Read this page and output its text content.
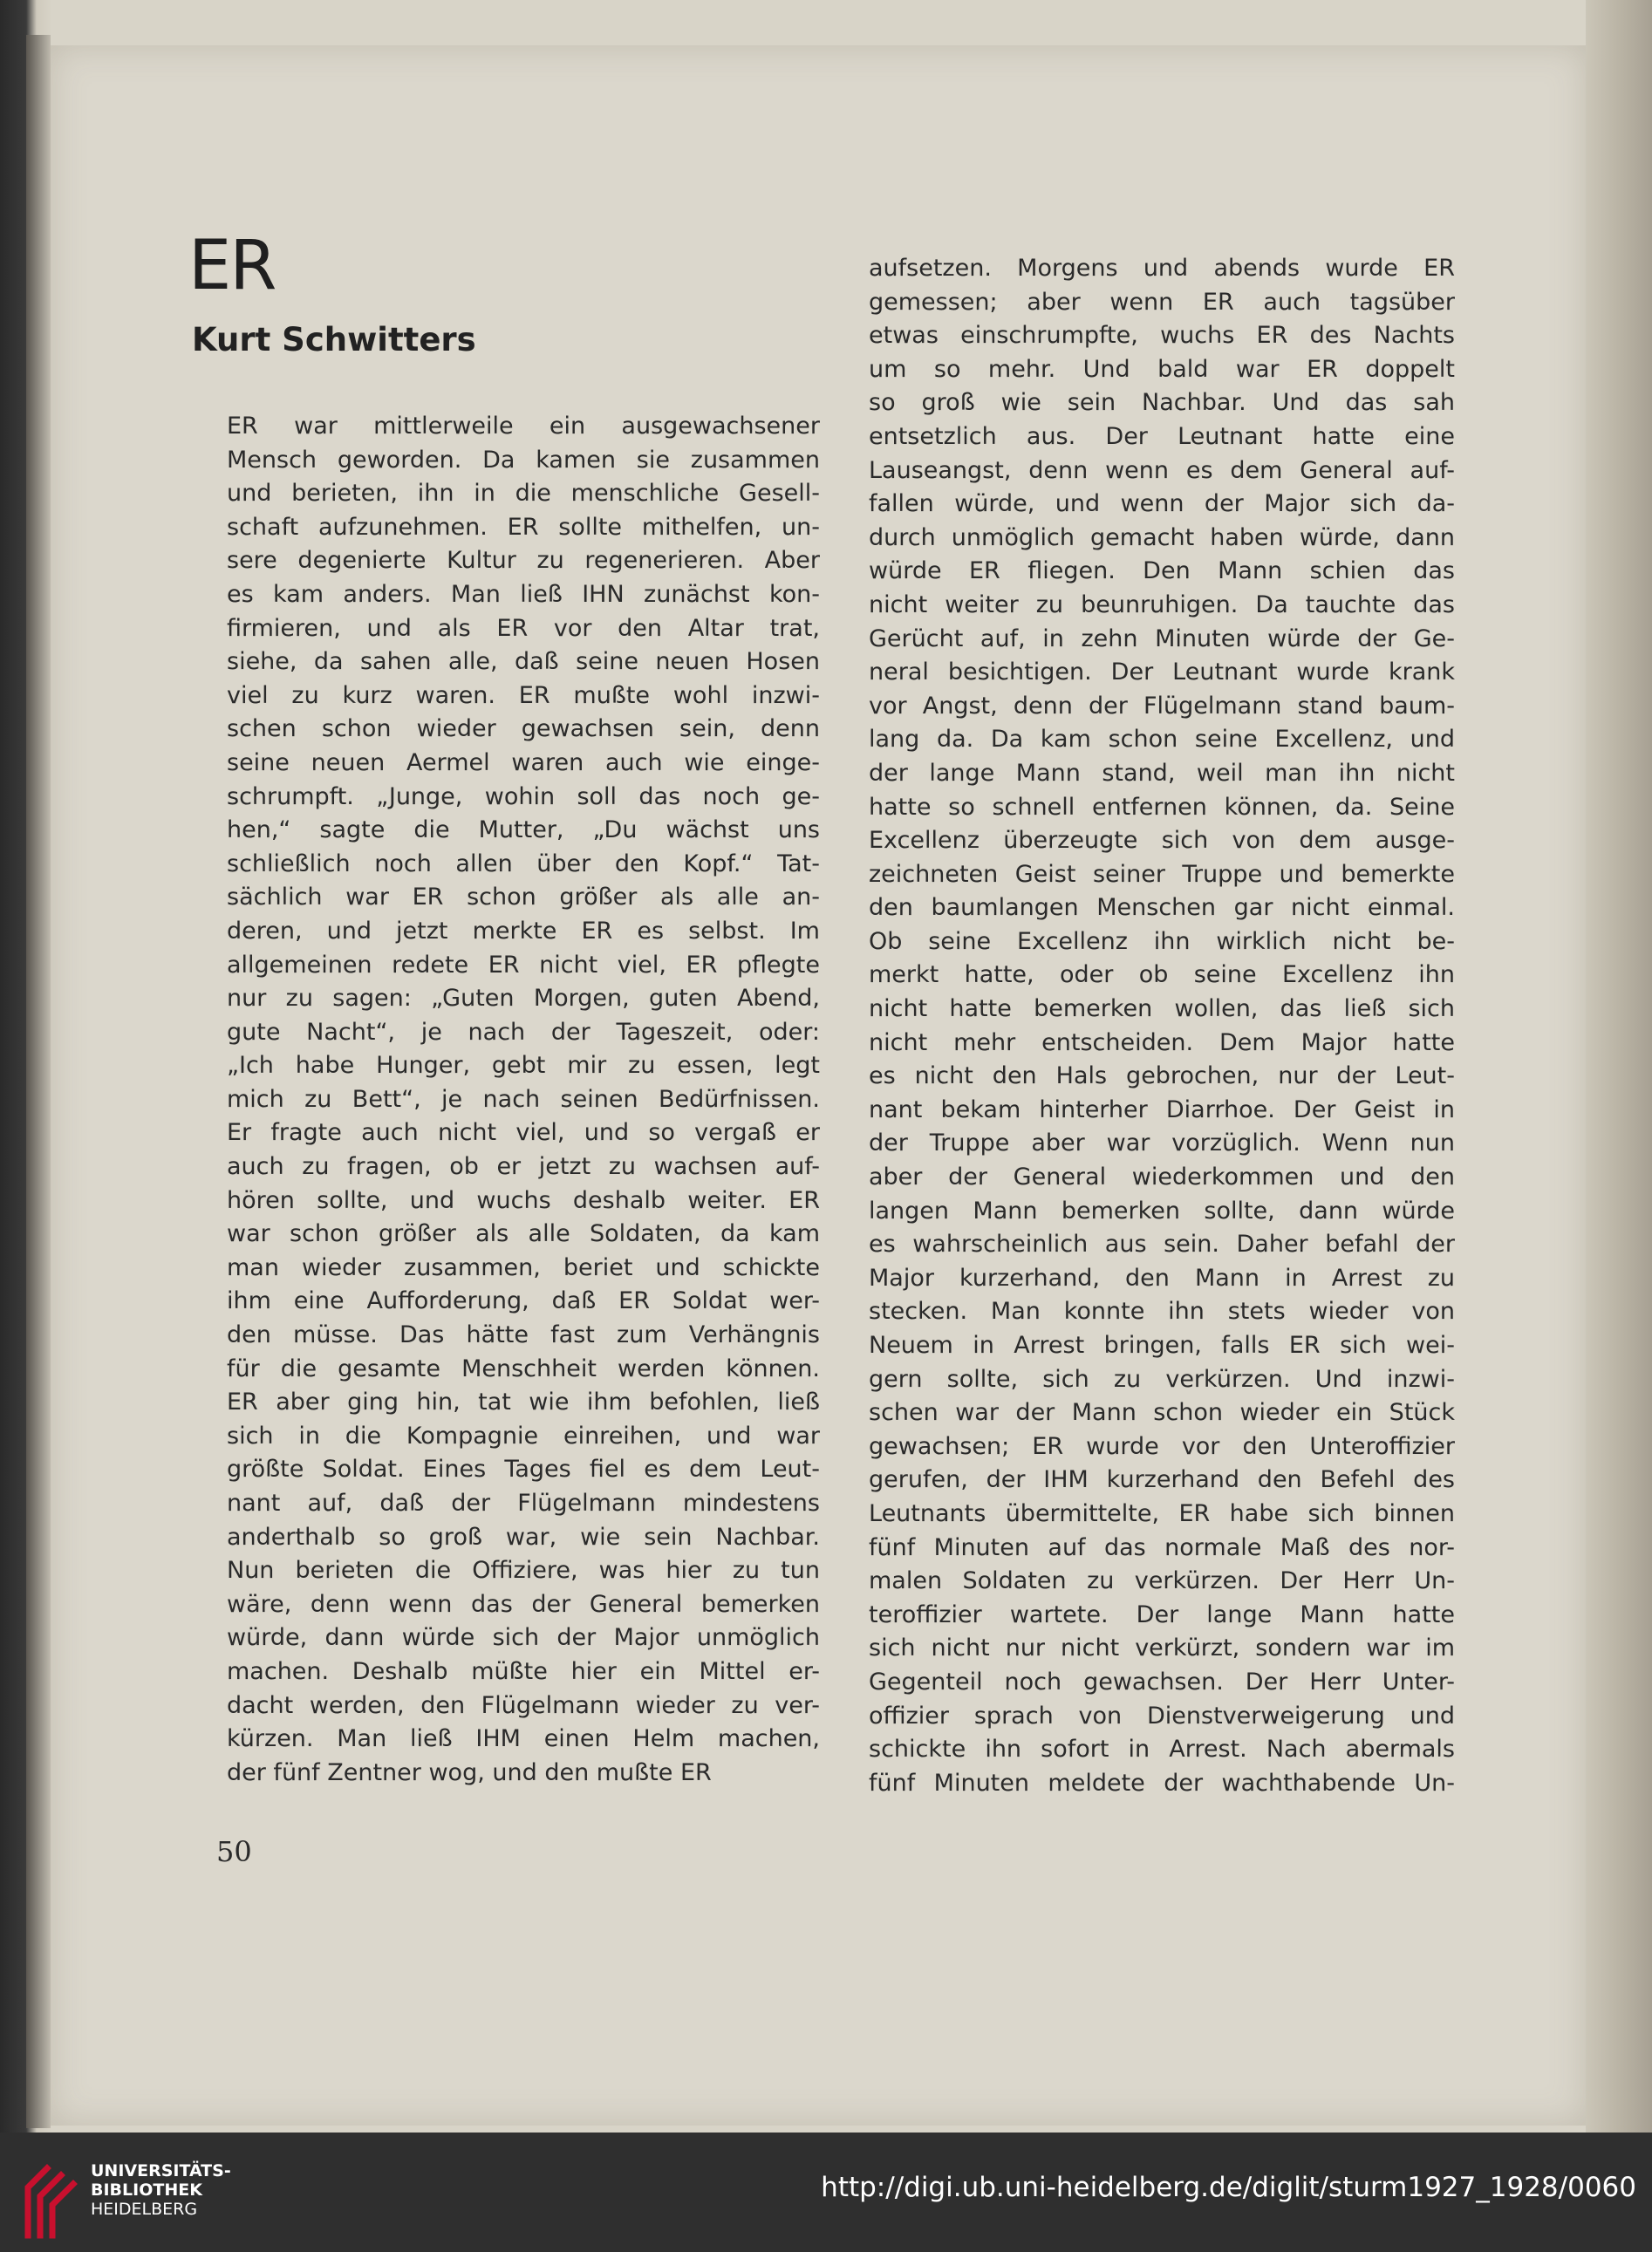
ER
Kurt Schwitters
ER war mittlerweile ein ausgewachsener
Mensch geworden. Da kamen sie zusammen
und berieten, ihn in die menschliche Gesell-
schaft aufzunehmen. ER sollte mithelfen, un-
sere degenierte Kultur zu regenerieren. Aber
es kam anders. Man ließ IHN zunächst kon-
firmieren, und als ER vor den Altar trat,
siehe, da sahen alle, daß seine neuen Hosen
viel zu kurz waren. ER mußte wohl inzwi-
schen schon wieder gewachsen sein, denn
seine neuen Aermel waren auch wie einge-
schrumpft. „Junge, wohin soll das noch ge-
hen,“ sagte die Mutter, „Du wächst uns
schließlich noch allen über den Kopf.“ Tat-
sächlich war ER schon größer als alle an-
deren, und jetzt merkte ER es selbst. Im
allgemeinen redete ER nicht viel, ER pflegte
nur zu sagen: „Guten Morgen, guten Abend,
gute Nacht“, je nach der Tageszeit, oder:
„Ich habe Hunger, gebt mir zu essen, legt
mich zu Bett“, je nach seinen Bedürfnissen.
Er fragte auch nicht viel, und so vergaß er
auch zu fragen, ob er jetzt zu wachsen auf-
hören sollte, und wuchs deshalb weiter. ER
war schon größer als alle Soldaten, da kam
man wieder zusammen, beriet und schickte
ihm eine Aufforderung, daß ER Soldat wer-
den müsse. Das hätte fast zum Verhängnis
für die gesamte Menschheit werden können.
ER aber ging hin, tat wie ihm befohlen, ließ
sich in die Kompagnie einreihen, und war
größte Soldat. Eines Tages fiel es dem Leut-
nant auf, daß der Flügelmann mindestens
anderthalb so groß war, wie sein Nachbar.
Nun berieten die Offiziere, was hier zu tun
wäre, denn wenn das der General bemerken
würde, dann würde sich der Major unmöglich
machen. Deshalb müßte hier ein Mittel er-
dacht werden, den Flügelmann wieder zu ver-
kürzen. Man ließ IHM einen Helm machen,
der fünf Zentner wog, und den mußte ER
aufsetzen. Morgens und abends wurde ER
gemessen; aber wenn ER auch tagsüber
etwas einschrumpfte, wuchs ER des Nachts
um so mehr. Und bald war ER doppelt
so groß wie sein Nachbar. Und das sah
entsetzlich aus. Der Leutnant hatte eine
Lauseangst, denn wenn es dem General auf-
fallen würde, und wenn der Major sich da-
durch unmöglich gemacht haben würde, dann
würde ER fliegen. Den Mann schien das
nicht weiter zu beunruhigen. Da tauchte das
Gerücht auf, in zehn Minuten würde der Ge-
neral besichtigen. Der Leutnant wurde krank
vor Angst, denn der Flügelmann stand baum-
lang da. Da kam schon seine Excellenz, und
der lange Mann stand, weil man ihn nicht
hatte so schnell entfernen können, da. Seine
Excellenz überzeugte sich von dem ausge-
zeichneten Geist seiner Truppe und bemerkte
den baumlangen Menschen gar nicht einmal.
Ob seine Excellenz ihn wirklich nicht be-
merkt hatte, oder ob seine Excellenz ihn
nicht hatte bemerken wollen, das ließ sich
nicht mehr entscheiden. Dem Major hatte
es nicht den Hals gebrochen, nur der Leut-
nant bekam hinterher Diarrhoe. Der Geist in
der Truppe aber war vorzüglich. Wenn nun
aber der General wiederkommen und den
langen Mann bemerken sollte, dann würde
es wahrscheinlich aus sein. Daher befahl der
Major kurzerhand, den Mann in Arrest zu
stecken. Man konnte ihn stets wieder von
Neuem in Arrest bringen, falls ER sich wei-
gern sollte, sich zu verkürzen. Und inzwi-
schen war der Mann schon wieder ein Stück
gewachsen; ER wurde vor den Unteroffizier
gerufen, der IHM kurzerhand den Befehl des
Leutnants übermittelte, ER habe sich binnen
fünf Minuten auf das normale Maß des nor-
malen Soldaten zu verkürzen. Der Herr Un-
teroffizier wartete. Der lange Mann hatte
sich nicht nur nicht verkürzt, sondern war im
Gegenteil noch gewachsen. Der Herr Unter-
offizier sprach von Dienstverweigerung und
schickte ihn sofort in Arrest. Nach abermals
fünf Minuten meldete der wachthabende Un-
50
UNIVERSITÄTS-
BIBLIOTHEK
HEIDELBERG
http://digi.ub.uni-heidelberg.de/diglit/sturm1927_1928/0060
